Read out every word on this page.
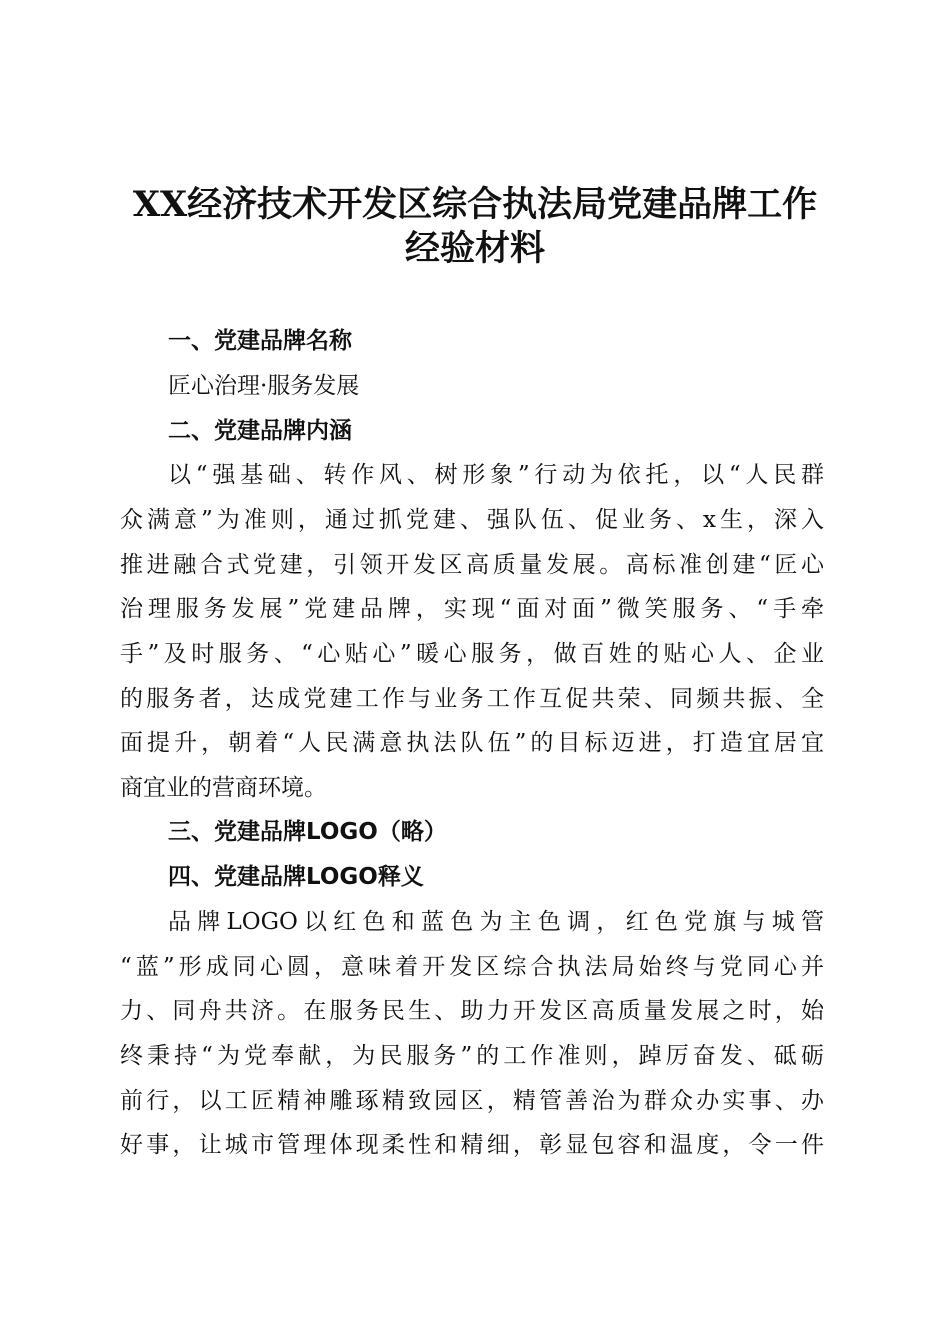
XX经济技术开发区综合执法局党建品牌工作
经验材料
一、党建品牌名称

匠心治理·服务发展

二、党建品牌内涵

以“强基础、转作风、树形象”行动为依托，以“人民群

众满意”为准则，通过抓党建、强队伍、促业务、x生，深入

推进融合式党建，引领开发区高质量发展。高标准创建“匠心

治理服务发展”党建品牌，实现“面对面”微笑服务、“手牵

手”及时服务、“心贴心”暖心服务，做百姓的贴心人、企业

的服务者，达成党建工作与业务工作互促共荣、同频共振、全

面提升，朝着“人民满意执法队伍”的目标迈进，打造宜居宜

商宜业的营商环境。

三、党建品牌LOGO（略）
四、党建品牌LOGO释义

品牌LOGO以红色和蓝色为主色调，红色党旗与城管

“蓝”形成同心圆，意味着开发区综合执法局始终与党同心并

力、同舟共济。在服务民生、助力开发区高质量发展之时，始

终秉持“为党奉献，为民服务”的工作准则，踔厉奋发、砥砺

前行，以工匠精神雕琢精致园区，精管善治为群众办实事、办

好事，让城市管理体现柔性和精细，彰显包容和温度，令一件
